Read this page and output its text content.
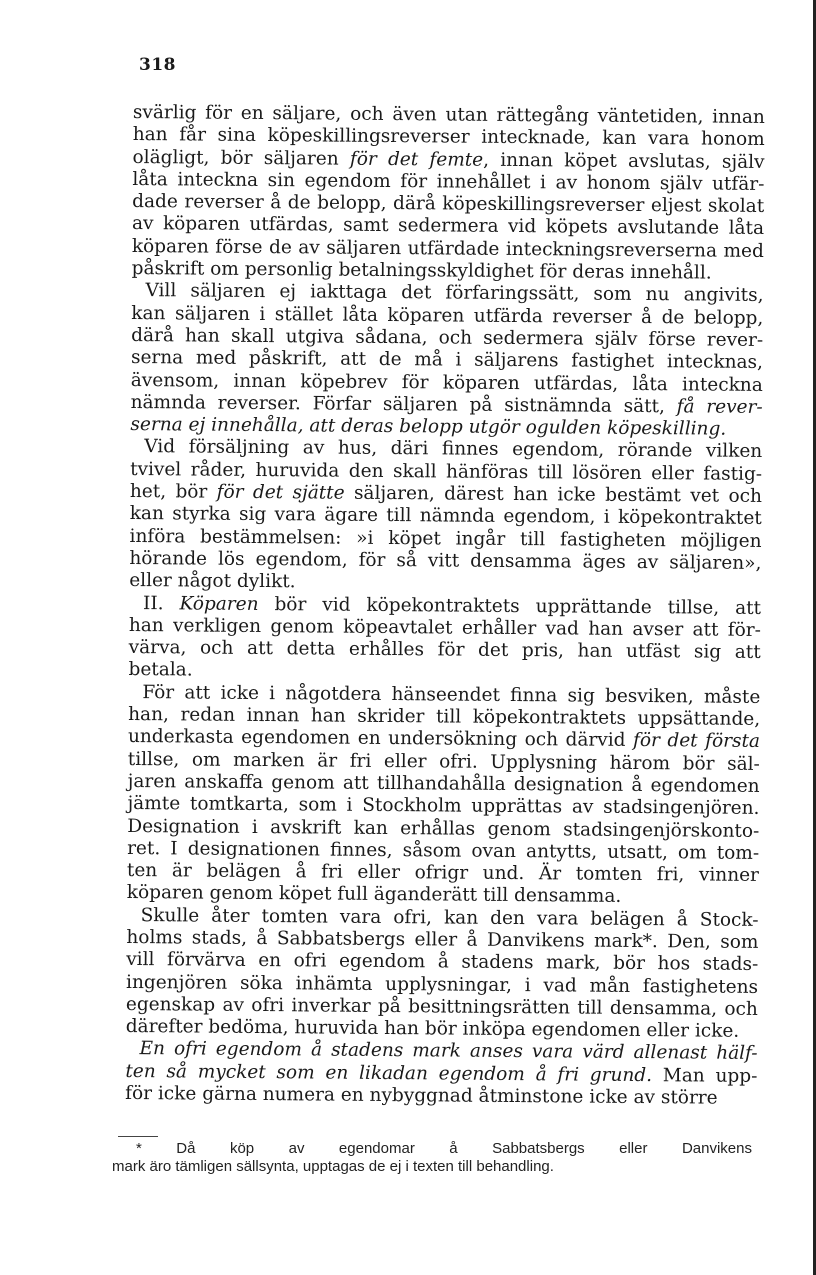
318
svärlig för en säljare, och även utan rättegång väntetiden, innan
han får sina köpeskillingsreverser intecknade, kan vara honom
olägligt, bör säljaren för det femte, innan köpet avslutas, själv
låta inteckna sin egendom för innehållet i av honom själv utfär-
dade reverser å de belopp, därå köpeskillingsreverser eljest skolat
av köparen utfärdas, samt sedermera vid köpets avslutande låta
köparen förse de av säljaren utfärdade inteckningsreverserna med
påskrift om personlig betalningsskyldighet för deras innehåll.
Vill säljaren ej iakttaga det förfaringssätt, som nu angivits,
kan säljaren i stället låta köparen utfärda reverser å de belopp,
därå han skall utgiva sådana, och sedermera själv förse rever-
serna med påskrift, att de må i säljarens fastighet intecknas,
ävensom, innan köpebrev för köparen utfärdas, låta inteckna
nämnda reverser. Förfar säljaren på sistnämnda sätt, få rever-
serna ej innehålla, att deras belopp utgör ogulden köpeskilling.
Vid försäljning av hus, däri finnes egendom, rörande vilken
tvivel råder, huruvida den skall hänföras till lösören eller fastig-
het, bör för det sjätte säljaren, därest han icke bestämt vet och
kan styrka sig vara ägare till nämnda egendom, i köpekontraktet
införa bestämmelsen: »i köpet ingår till fastigheten möjligen
hörande lös egendom, för så vitt densamma äges av säljaren»,
eller något dylikt.
II. Köparen bör vid köpekontraktets upprättande tillse, att
han verkligen genom köpeavtalet erhåller vad han avser att för-
värva, och att detta erhålles för det pris, han utfäst sig att
betala.
För att icke i någotdera hänseendet finna sig besviken, måste
han, redan innan han skrider till köpekontraktets uppsättande,
underkasta egendomen en undersökning och därvid för det första
tillse, om marken är fri eller ofri. Upplysning härom bör säl-
jaren anskaffa genom att tillhandahålla designation å egendomen
jämte tomtkarta, som i Stockholm upprättas av stadsingenjören.
Designation i avskrift kan erhållas genom stadsingenjörskonto-
ret. I designationen finnes, såsom ovan antytts, utsatt, om tom-
ten är belägen å fri eller ofrigr und. Är tomten fri, vinner
köparen genom köpet full äganderätt till densamma.
Skulle åter tomten vara ofri, kan den vara belägen å Stock-
holms stads, å Sabbatsbergs eller å Danvikens mark*. Den, som
vill förvärva en ofri egendom å stadens mark, bör hos stads-
ingenjören söka inhämta upplysningar, i vad mån fastighetens
egenskap av ofri inverkar på besittningsrätten till densamma, och
därefter bedöma, huruvida han bör inköpa egendomen eller icke.
En ofri egendom å stadens mark anses vara värd allenast hälf-
ten så mycket som en likadan egendom å fri grund. Man upp-
för icke gärna numera en nybyggnad åtminstone icke av större
* Då köp av egendomar å Sabbatsbergs eller Danvikens
mark äro tämligen sällsynta, upptagas de ej i texten till behandling.
